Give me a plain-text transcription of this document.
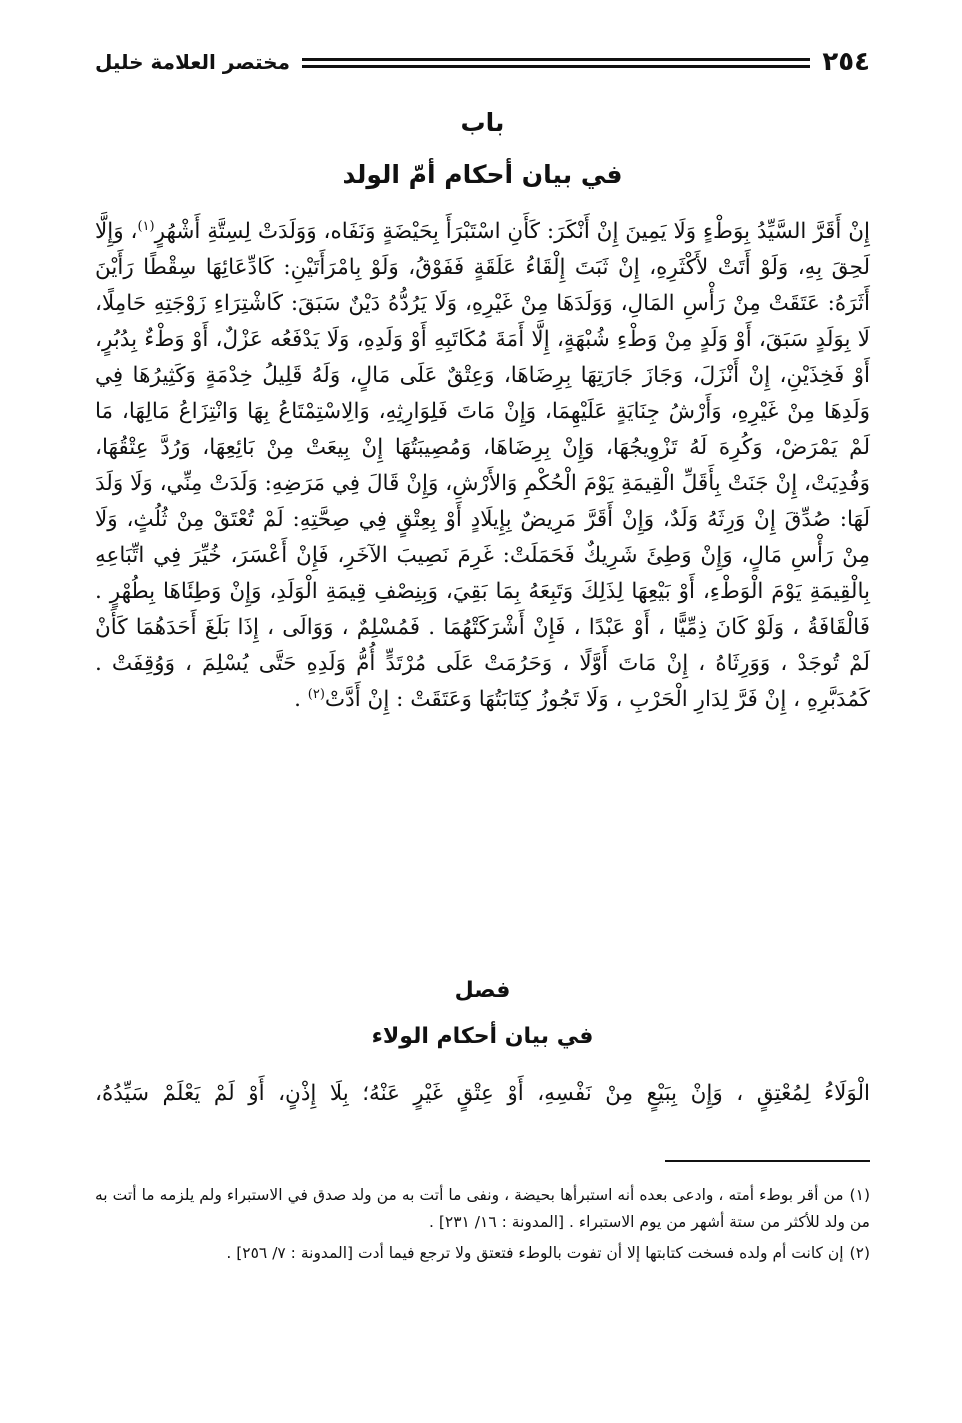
٢٥٤
مختصر العلامة خليل
باب
في بيان أحكام أمّ الولد

إِنْ أَقَرَّ السَّيِّدُ بِوَطْءٍ وَلَا يَمِينَ إِنْ أَنْكَرَ: كَأَنِ اسْتَبْرَأَ بِحَيْضَةٍ وَنَفَاه، وَوَلَدَتْ لِسِتَّةِ أَشْهُرٍ$^{(١)}$، وَإِلَّا لَحِقَ بِهِ، وَلَوْ أَتَتْ لأَكْثَرِهِ، إِنْ ثَبَتَ إِلْقَاءُ عَلَقَةٍ فَفَوْقُ، وَلَوْ بِامْرَأَتَيْنِ: كَادِّعَائِهَا سِقْطًا رَأَيْنَ أَثَرَهُ: عَتَقَتْ مِنْ رَأْسِ المَالِ، وَوَلَدَهَا مِنْ غَيْرِهِ، وَلَا يَرُدُّهُ دَيْنٌ سَبَقَ: كَاشْتِرَاءِ زَوْجَتِهِ حَامِلًا، لَا بِوَلَدٍ سَبَقَ، أَوْ وَلَدٍ مِنْ وَطْءِ شُبْهَةٍ، إِلَّا أَمَةَ مُكَاتَبِهِ أَوْ وَلَدِهِ، وَلَا يَدْفَعُه عَزْلٌ، أَوْ وَطْءٌ بِدُبُرٍ، أَوْ فَخِذَيْنِ، إِنْ أَنْزَلَ، وَجَازَ جَارَتِهَا بِرِضَاهَا، وَعِتْقٌ عَلَى مَالٍ، وَلَهُ قَلِيلُ خِدْمَةٍ وَكَثِيرُهَا فِي وَلَدِهَا مِنْ غَيْرِهِ، وَأَرْشُ جِنَايَةٍ عَلَيْهِمَا، وَإِنْ مَاتَ فَلِوَارِثِهِ، وَالِاسْتِمْتَاعُ بِهَا وَانْتِزَاعُ مَالِهَا، مَا لَمْ يَمْرَضْ، وَكُرِهَ لَهُ تَزْوِيجُهَا، وَإِنْ بِرِضَاهَا، وَمُصِيبَتُهَا إِنْ بِيعَتْ مِنْ بَائِعِهَا، وَرُدَّ عِتْقُهَا، وَفُدِيَتْ، إِنْ جَنَتْ بِأَقَلِّ الْقِيمَةِ يَوْمَ الْحُكْمِ وَالأَرْشِ، وَإِنْ قَالَ فِي مَرَضِهِ: وَلَدَتْ مِنِّي، وَلَا وَلَدَ لَهَا: صُدِّقَ إِنْ وَرِثَهُ وَلَدٌ، وَإِنْ أَقَرَّ مَرِيضٌ بِإِيلَادٍ أَوْ بِعِتْقٍ فِي صِحَّتِهِ: لَمْ تُعْتَقْ مِنْ ثُلُثٍ، وَلَا مِنْ رَأْسِ مَالٍ، وَإِنْ وَطِئَ شَرِيكٌ فَحَمَلَتْ: غَرِمَ نَصِيبَ الآخَرِ، فَإِنْ أَعْسَرَ، خُيِّرَ فِي اتِّبَاعِهِ بِالْقِيمَةِ يَوْمَ الْوَطْءِ، أَوْ بَيْعِهَا لِذَلِكَ وَتَبِعَهُ بِمَا بَقِيَ، وَبِنِصْفِ قِيمَةِ الْوَلَدِ، وَإِنْ وَطِئَاهَا بِطُهْرٍ . فَالْقَافَةُ ، وَلَوْ كَانَ ذِمِّيًّا ، أَوْ عَبْدًا ، فَإِنْ أَشْرَكَتْهُمَا . فَمُسْلِمٌ ، وَوَالَى ، إِذَا بَلَغَ أَحَدَهُمَا كَأَنْ لَمْ تُوجَدْ ، وَوَرِثَاهُ ، إِنْ مَاتَ أَوَّلًا ، وَحَرُمَتْ عَلَى مُرْتَدٍّ أُمُّ وَلَدِهِ حَتَّى يُسْلِمَ ، وَوُقِفَتْ . كَمُدَبَّرِهِ ، إِنْ فَرَّ لِدَارِ الْحَرْبِ ، وَلَا تَجُوزُ كِتَابَتُهَا وَعَتَقَتْ : إِنْ أَدَّتْ$^{(٢)}$ .

فصل
في بيان أحكام الولاء

الْوَلَاءُ لِمُعْتِقٍ ، وَإِنْ بِبَيْعٍ مِنْ نَفْسِهِ، أَوْ عِتْقٍ غَيْرٍ عَنْهُ؛ بِلَا إِذْنٍ، أَوْ لَمْ يَعْلَمْ سَيِّدُهُ،

(١)من أقر بوطء أمته ، وادعى بعده أنه استبرأها بحيضة ، ونفى ما أتت به من ولد صدق في الاستبراء ولم يلزمه ما أتت به من ولد للأكثر من ستة أشهر من يوم الاستبراء . [المدونة : ١٦/ ٢٣١] .

(٢)إن كانت أم ولده فسخت كتابتها إلا أن تفوت بالوطء فتعتق ولا ترجع فيما أدت [المدونة : ٧/ ٢٥٦] .
